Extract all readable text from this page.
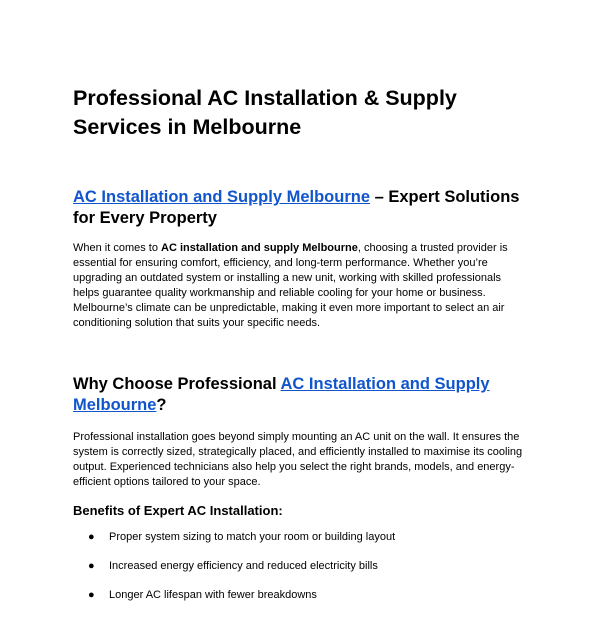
Professional AC Installation & Supply Services in Melbourne
AC Installation and Supply Melbourne – Expert Solutions for Every Property

When it comes to AC installation and supply Melbourne, choosing a trusted provider is essential for ensuring comfort, efficiency, and long-term performance. Whether you’re upgrading an outdated system or installing a new unit, working with skilled professionals helps guarantee quality workmanship and reliable cooling for your home or business. Melbourne’s climate can be unpredictable, making it even more important to select an air conditioning solution that suits your specific needs.

Why Choose Professional AC Installation and Supply Melbourne?

Professional installation goes beyond simply mounting an AC unit on the wall. It ensures the system is correctly sized, strategically placed, and efficiently installed to maximise its cooling output. Experienced technicians also help you select the right brands, models, and energy-efficient options tailored to your space.

Benefits of Expert AC Installation:
● Proper system sizing to match your room or building layout
● Increased energy efficiency and reduced electricity bills
● Longer AC lifespan with fewer breakdowns
